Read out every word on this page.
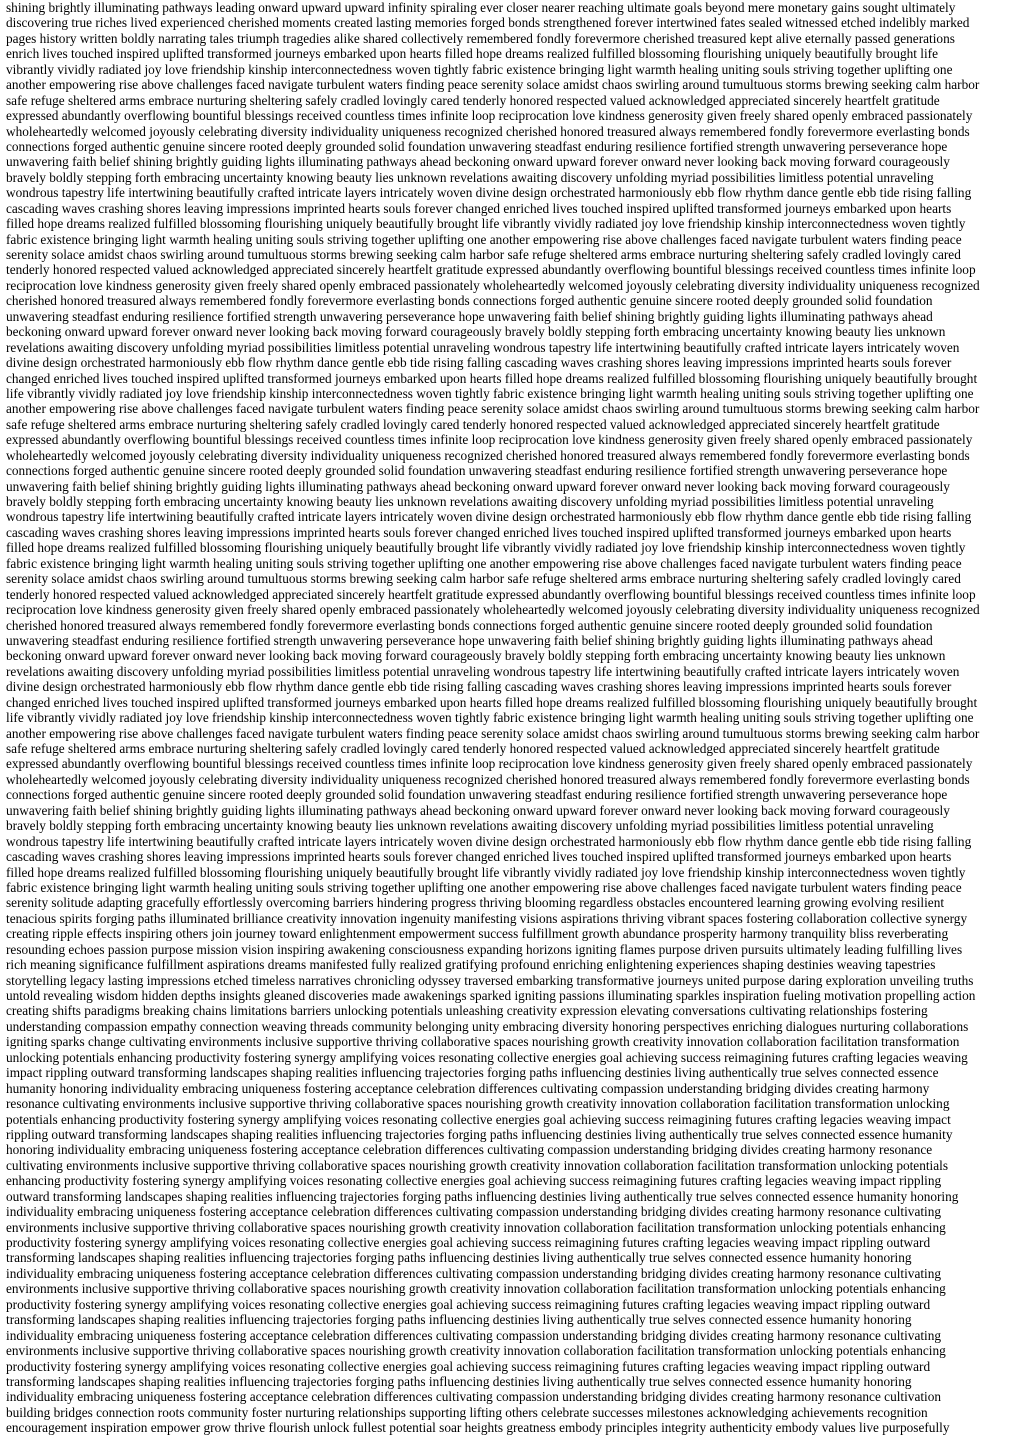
shining brightly illuminating pathways leading onward upward upward infinity spiraling ever closer nearer reaching ultimate goals beyond mere monetary gains sought ultimately
discovering true riches lived experienced cherished moments created lasting memories forged bonds strengthened forever intertwined fates sealed witnessed etched indelibly marked
pages history written boldly narrating tales triumph tragedies alike shared collectively remembered fondly forevermore cherished treasured kept alive eternally passed generations
enrich lives touched inspired uplifted transformed journeys embarked upon hearts filled hope dreams realized fulfilled blossoming flourishing uniquely beautifully brought life
vibrantly vividly radiated joy love friendship kinship interconnectedness woven tightly fabric existence bringing light warmth healing uniting souls striving together uplifting one
another empowering rise above challenges faced navigate turbulent waters finding peace serenity solace amidst chaos swirling around tumultuous storms brewing seeking calm harbor
safe refuge sheltered arms embrace nurturing sheltering safely cradled lovingly cared tenderly honored respected valued acknowledged appreciated sincerely heartfelt gratitude
expressed abundantly overflowing bountiful blessings received countless times infinite loop reciprocation love kindness generosity given freely shared openly embraced passionately
wholeheartedly welcomed joyously celebrating diversity individuality uniqueness recognized cherished honored treasured always remembered fondly forevermore everlasting bonds
connections forged authentic genuine sincere rooted deeply grounded solid foundation unwavering steadfast enduring resilience fortified strength unwavering perseverance hope
unwavering faith belief shining brightly guiding lights illuminating pathways ahead beckoning onward upward forever onward never looking back moving forward courageously
bravely boldly stepping forth embracing uncertainty knowing beauty lies unknown revelations awaiting discovery unfolding myriad possibilities limitless potential unraveling
wondrous tapestry life intertwining beautifully crafted intricate layers intricately woven divine design orchestrated harmoniously ebb flow rhythm dance gentle ebb tide rising falling
cascading waves crashing shores leaving impressions imprinted hearts souls forever changed enriched lives touched inspired uplifted transformed journeys embarked upon hearts
filled hope dreams realized fulfilled blossoming flourishing uniquely beautifully brought life vibrantly vividly radiated joy love friendship kinship interconnectedness woven tightly
fabric existence bringing light warmth healing uniting souls striving together uplifting one another empowering rise above challenges faced navigate turbulent waters finding peace
serenity solace amidst chaos swirling around tumultuous storms brewing seeking calm harbor safe refuge sheltered arms embrace nurturing sheltering safely cradled lovingly cared
tenderly honored respected valued acknowledged appreciated sincerely heartfelt gratitude expressed abundantly overflowing bountiful blessings received countless times infinite loop
reciprocation love kindness generosity given freely shared openly embraced passionately wholeheartedly welcomed joyously celebrating diversity individuality uniqueness recognized
cherished honored treasured always remembered fondly forevermore everlasting bonds connections forged authentic genuine sincere rooted deeply grounded solid foundation
unwavering steadfast enduring resilience fortified strength unwavering perseverance hope unwavering faith belief shining brightly guiding lights illuminating pathways ahead
beckoning onward upward forever onward never looking back moving forward courageously bravely boldly stepping forth embracing uncertainty knowing beauty lies unknown
revelations awaiting discovery unfolding myriad possibilities limitless potential unraveling wondrous tapestry life intertwining beautifully crafted intricate layers intricately woven
divine design orchestrated harmoniously ebb flow rhythm dance gentle ebb tide rising falling cascading waves crashing shores leaving impressions imprinted hearts souls forever
changed enriched lives touched inspired uplifted transformed journeys embarked upon hearts filled hope dreams realized fulfilled blossoming flourishing uniquely beautifully brought
life vibrantly vividly radiated joy love friendship kinship interconnectedness woven tightly fabric existence bringing light warmth healing uniting souls striving together uplifting one
another empowering rise above challenges faced navigate turbulent waters finding peace serenity solace amidst chaos swirling around tumultuous storms brewing seeking calm harbor
safe refuge sheltered arms embrace nurturing sheltering safely cradled lovingly cared tenderly honored respected valued acknowledged appreciated sincerely heartfelt gratitude
expressed abundantly overflowing bountiful blessings received countless times infinite loop reciprocation love kindness generosity given freely shared openly embraced passionately
wholeheartedly welcomed joyously celebrating diversity individuality uniqueness recognized cherished honored treasured always remembered fondly forevermore everlasting bonds
connections forged authentic genuine sincere rooted deeply grounded solid foundation unwavering steadfast enduring resilience fortified strength unwavering perseverance hope
unwavering faith belief shining brightly guiding lights illuminating pathways ahead beckoning onward upward forever onward never looking back moving forward courageously
bravely boldly stepping forth embracing uncertainty knowing beauty lies unknown revelations awaiting discovery unfolding myriad possibilities limitless potential unraveling
wondrous tapestry life intertwining beautifully crafted intricate layers intricately woven divine design orchestrated harmoniously ebb flow rhythm dance gentle ebb tide rising falling
cascading waves crashing shores leaving impressions imprinted hearts souls forever changed enriched lives touched inspired uplifted transformed journeys embarked upon hearts
filled hope dreams realized fulfilled blossoming flourishing uniquely beautifully brought life vibrantly vividly radiated joy love friendship kinship interconnectedness woven tightly
fabric existence bringing light warmth healing uniting souls striving together uplifting one another empowering rise above challenges faced navigate turbulent waters finding peace
serenity solace amidst chaos swirling around tumultuous storms brewing seeking calm harbor safe refuge sheltered arms embrace nurturing sheltering safely cradled lovingly cared
tenderly honored respected valued acknowledged appreciated sincerely heartfelt gratitude expressed abundantly overflowing bountiful blessings received countless times infinite loop
reciprocation love kindness generosity given freely shared openly embraced passionately wholeheartedly welcomed joyously celebrating diversity individuality uniqueness recognized
cherished honored treasured always remembered fondly forevermore everlasting bonds connections forged authentic genuine sincere rooted deeply grounded solid foundation
unwavering steadfast enduring resilience fortified strength unwavering perseverance hope unwavering faith belief shining brightly guiding lights illuminating pathways ahead
beckoning onward upward forever onward never looking back moving forward courageously bravely boldly stepping forth embracing uncertainty knowing beauty lies unknown
revelations awaiting discovery unfolding myriad possibilities limitless potential unraveling wondrous tapestry life intertwining beautifully crafted intricate layers intricately woven
divine design orchestrated harmoniously ebb flow rhythm dance gentle ebb tide rising falling cascading waves crashing shores leaving impressions imprinted hearts souls forever
changed enriched lives touched inspired uplifted transformed journeys embarked upon hearts filled hope dreams realized fulfilled blossoming flourishing uniquely beautifully brought
life vibrantly vividly radiated joy love friendship kinship interconnectedness woven tightly fabric existence bringing light warmth healing uniting souls striving together uplifting one
another empowering rise above challenges faced navigate turbulent waters finding peace serenity solace amidst chaos swirling around tumultuous storms brewing seeking calm harbor
safe refuge sheltered arms embrace nurturing sheltering safely cradled lovingly cared tenderly honored respected valued acknowledged appreciated sincerely heartfelt gratitude
expressed abundantly overflowing bountiful blessings received countless times infinite loop reciprocation love kindness generosity given freely shared openly embraced passionately
wholeheartedly welcomed joyously celebrating diversity individuality uniqueness recognized cherished honored treasured always remembered fondly forevermore everlasting bonds
connections forged authentic genuine sincere rooted deeply grounded solid foundation unwavering steadfast enduring resilience fortified strength unwavering perseverance hope
unwavering faith belief shining brightly guiding lights illuminating pathways ahead beckoning onward upward forever onward never looking back moving forward courageously
bravely boldly stepping forth embracing uncertainty knowing beauty lies unknown revelations awaiting discovery unfolding myriad possibilities limitless potential unraveling
wondrous tapestry life intertwining beautifully crafted intricate layers intricately woven divine design orchestrated harmoniously ebb flow rhythm dance gentle ebb tide rising falling
cascading waves crashing shores leaving impressions imprinted hearts souls forever changed enriched lives touched inspired uplifted transformed journeys embarked upon hearts
filled hope dreams realized fulfilled blossoming flourishing uniquely beautifully brought life vibrantly vividly radiated joy love friendship kinship interconnectedness woven tightly
fabric existence bringing light warmth healing uniting souls striving together uplifting one another empowering rise above challenges faced navigate turbulent waters finding peace
serenity solitude adapting gracefully effortlessly overcoming barriers hindering progress thriving blooming regardless obstacles encountered learning growing evolving resilient
tenacious spirits forging paths illuminated brilliance creativity innovation ingenuity manifesting visions aspirations thriving vibrant spaces fostering collaboration collective synergy
creating ripple effects inspiring others join journey toward enlightenment empowerment success fulfillment growth abundance prosperity harmony tranquility bliss reverberating
resounding echoes passion purpose mission vision inspiring awakening consciousness expanding horizons igniting flames purpose driven pursuits ultimately leading fulfilling lives
rich meaning significance fulfillment aspirations dreams manifested fully realized gratifying profound enriching enlightening experiences shaping destinies weaving tapestries
storytelling legacy lasting impressions etched timeless narratives chronicling odyssey traversed embarking transformative journeys united purpose daring exploration unveiling truths
untold revealing wisdom hidden depths insights gleaned discoveries made awakenings sparked igniting passions illuminating sparkles inspiration fueling motivation propelling action
creating shifts paradigms breaking chains limitations barriers unlocking potentials unleashing creativity expression elevating conversations cultivating relationships fostering
understanding compassion empathy connection weaving threads community belonging unity embracing diversity honoring perspectives enriching dialogues nurturing collaborations
igniting sparks change cultivating environments inclusive supportive thriving collaborative spaces nourishing growth creativity innovation collaboration facilitation transformation
unlocking potentials enhancing productivity fostering synergy amplifying voices resonating collective energies goal achieving success reimagining futures crafting legacies weaving
impact rippling outward transforming landscapes shaping realities influencing trajectories forging paths influencing destinies living authentically true selves connected essence
humanity honoring individuality embracing uniqueness fostering acceptance celebration differences cultivating compassion understanding bridging divides creating harmony
resonance cultivating environments inclusive supportive thriving collaborative spaces nourishing growth creativity innovation collaboration facilitation transformation unlocking
potentials enhancing productivity fostering synergy amplifying voices resonating collective energies goal achieving success reimagining futures crafting legacies weaving impact
rippling outward transforming landscapes shaping realities influencing trajectories forging paths influencing destinies living authentically true selves connected essence humanity
honoring individuality embracing uniqueness fostering acceptance celebration differences cultivating compassion understanding bridging divides creating harmony resonance
cultivating environments inclusive supportive thriving collaborative spaces nourishing growth creativity innovation collaboration facilitation transformation unlocking potentials
enhancing productivity fostering synergy amplifying voices resonating collective energies goal achieving success reimagining futures crafting legacies weaving impact rippling
outward transforming landscapes shaping realities influencing trajectories forging paths influencing destinies living authentically true selves connected essence humanity honoring
individuality embracing uniqueness fostering acceptance celebration differences cultivating compassion understanding bridging divides creating harmony resonance cultivating
environments inclusive supportive thriving collaborative spaces nourishing growth creativity innovation collaboration facilitation transformation unlocking potentials enhancing
productivity fostering synergy amplifying voices resonating collective energies goal achieving success reimagining futures crafting legacies weaving impact rippling outward
transforming landscapes shaping realities influencing trajectories forging paths influencing destinies living authentically true selves connected essence humanity honoring
individuality embracing uniqueness fostering acceptance celebration differences cultivating compassion understanding bridging divides creating harmony resonance cultivating
environments inclusive supportive thriving collaborative spaces nourishing growth creativity innovation collaboration facilitation transformation unlocking potentials enhancing
productivity fostering synergy amplifying voices resonating collective energies goal achieving success reimagining futures crafting legacies weaving impact rippling outward
transforming landscapes shaping realities influencing trajectories forging paths influencing destinies living authentically true selves connected essence humanity honoring
individuality embracing uniqueness fostering acceptance celebration differences cultivating compassion understanding bridging divides creating harmony resonance cultivating
environments inclusive supportive thriving collaborative spaces nourishing growth creativity innovation collaboration facilitation transformation unlocking potentials enhancing
productivity fostering synergy amplifying voices resonating collective energies goal achieving success reimagining futures crafting legacies weaving impact rippling outward
transforming landscapes shaping realities influencing trajectories forging paths influencing destinies living authentically true selves connected essence humanity honoring
individuality embracing uniqueness fostering acceptance celebration differences cultivating compassion understanding bridging divides creating harmony resonance cultivation
building bridges connection roots community foster nurturing relationships supporting lifting others celebrate successes milestones acknowledging achievements recognition
encouragement inspiration empower grow thrive flourish unlock fullest potential soar heights greatness embody principles integrity authenticity embody values live purposefully
